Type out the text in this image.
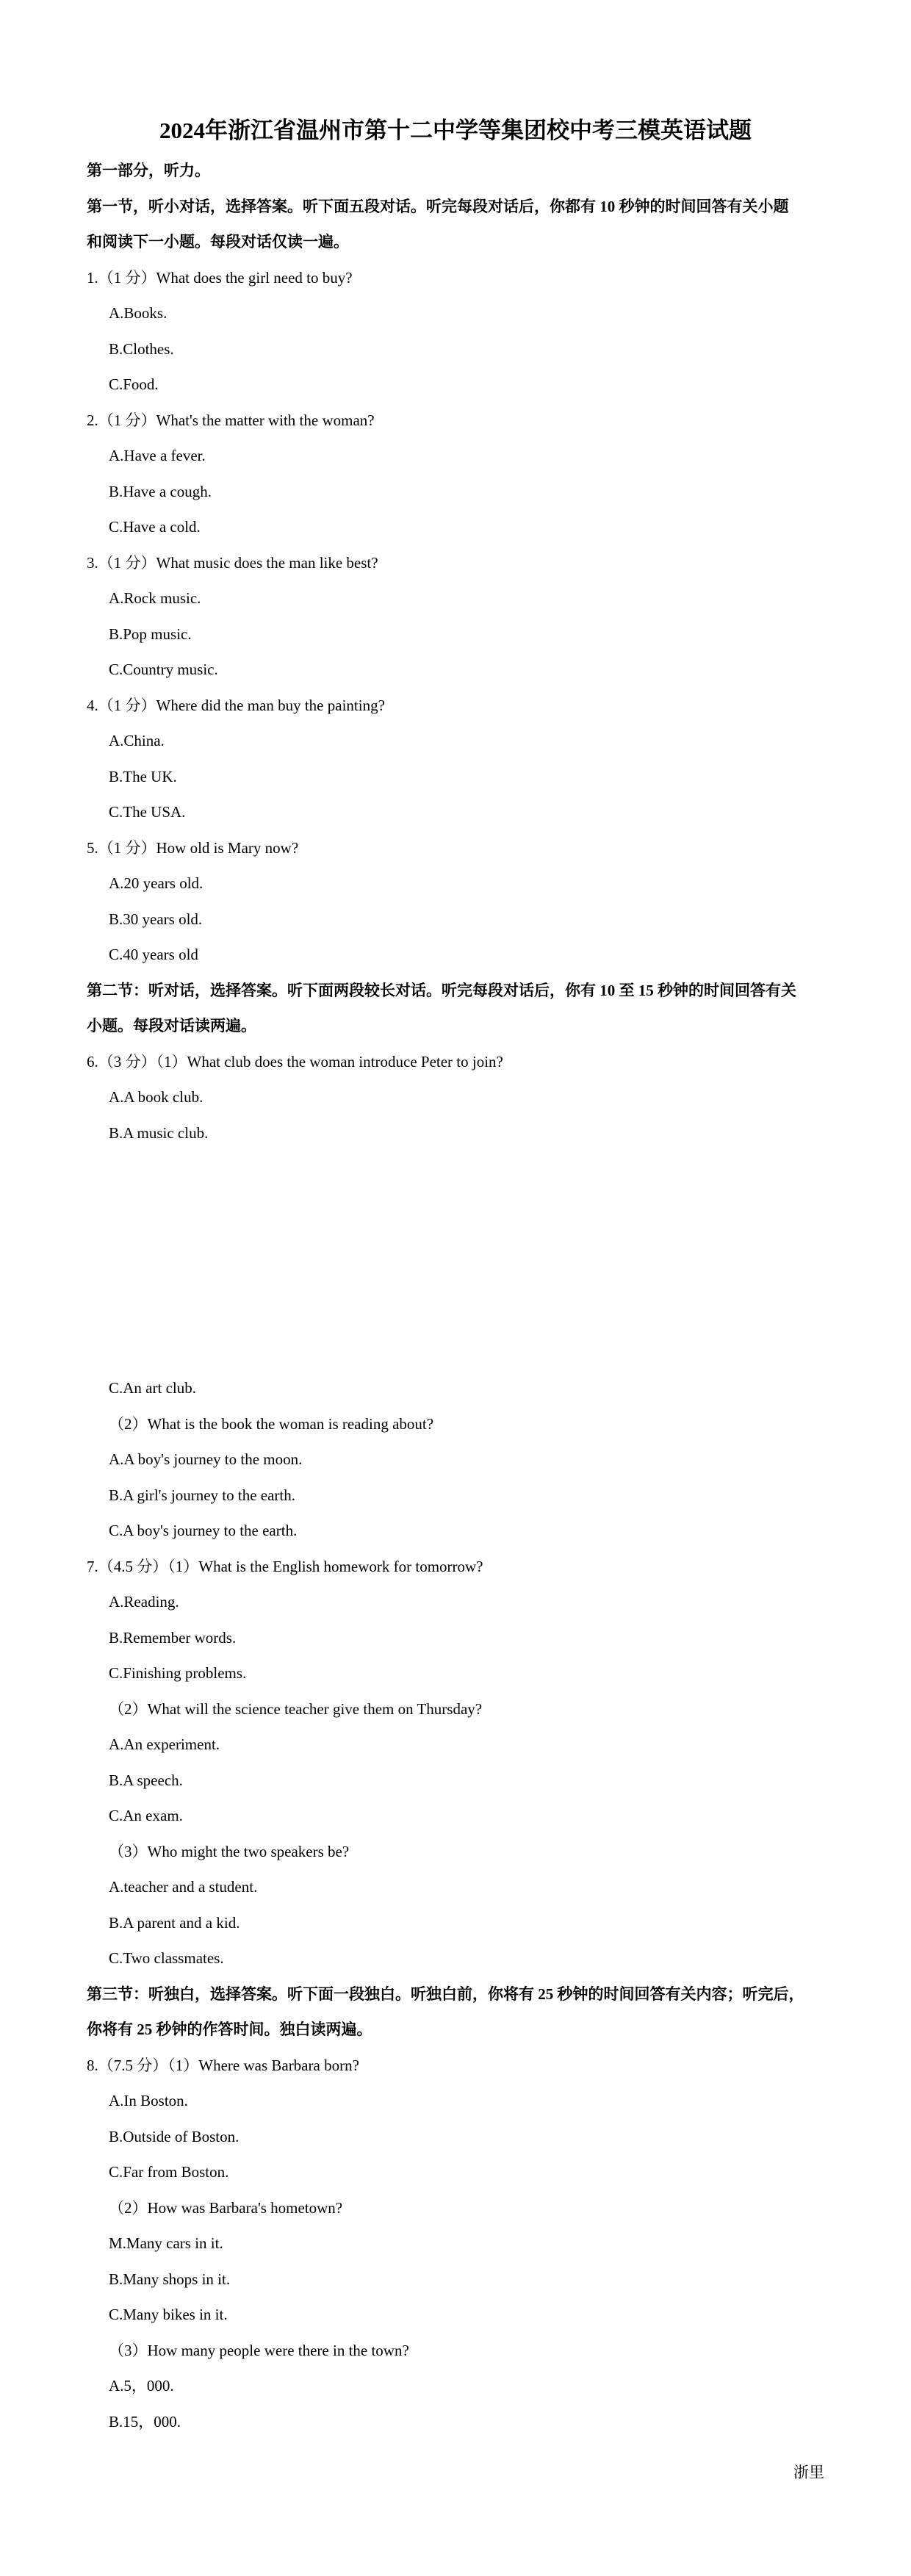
2024年浙江省温州市第十二中学等集团校中考三模英语试题
第一部分，听力。
第一节，听小对话，选择答案。听下面五段对话。听完每段对话后，你都有 10 秒钟的时间回答有关小题
和阅读下一小题。每段对话仅读一遍。
1.（1 分）What does the girl need to buy?
A.Books.
B.Clothes.
C.Food.
2.（1 分）What's the matter with the woman?
A.Have a fever.
B.Have a cough.
C.Have a cold.
3.（1 分）What music does the man like best?
A.Rock music.
B.Pop music.
C.Country music.
4.（1 分）Where did the man buy the painting?
A.China.
B.The UK.
C.The USA.
5.（1 分）How old is Mary now?
A.20 years old.
B.30 years old.
C.40 years old
第二节：听对话，选择答案。听下面两段较长对话。听完每段对话后，你有 10 至 15 秒钟的时间回答有关
小题。每段对话读两遍。
6.（3 分）（1）What club does the woman introduce Peter to join?
A.A book club.
B.A music club.
C.An art club.
（2）What is the book the woman is reading about?
A.A boy's journey to the moon.
B.A girl's journey to the earth.
C.A boy's journey to the earth.
7.（4.5 分）（1）What is the English homework for tomorrow?
A.Reading.
B.Remember words.
C.Finishing problems.
（2）What will the science teacher give them on Thursday?
A.An experiment.
B.A speech.
C.An exam.
（3）Who might the two speakers be?
A.teacher and a student.
B.A parent and a kid.
C.Two classmates.
第三节：听独白，选择答案。听下面一段独白。听独白前，你将有 25 秒钟的时间回答有关内容；听完后，
你将有 25 秒钟的作答时间。独白读两遍。
8.（7.5 分）（1）Where was Barbara born?
A.In Boston.
B.Outside of Boston.
C.Far from Boston.
（2）How was Barbara's hometown?
M.Many cars in it.
B.Many shops in it.
C.Many bikes in it.
（3）How many people were there in the town?
A.5，000.
B.15，000.
浙里
